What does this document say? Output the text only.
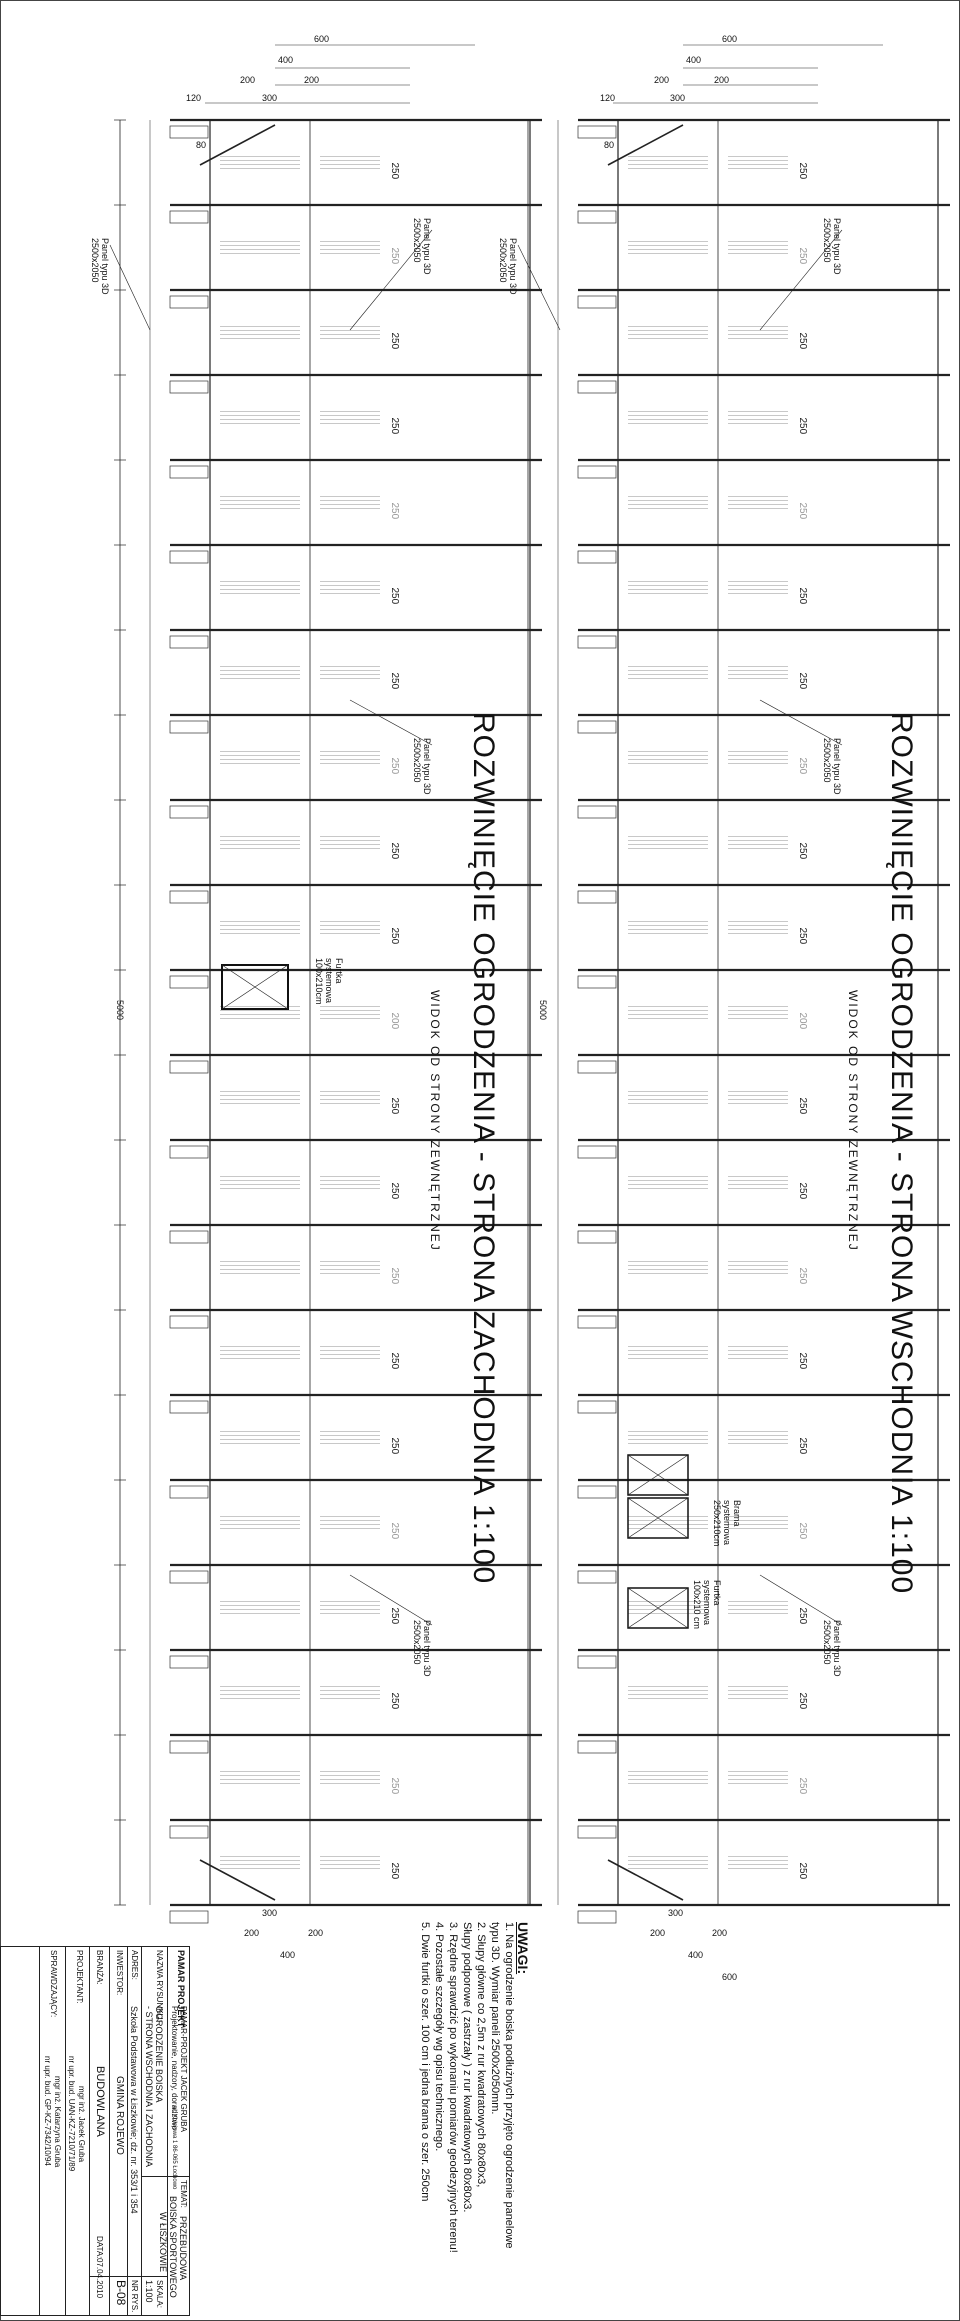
250
250
250
250
250
250
250
250
250
250
200
250
250
250
250
250
250
250
250
250
250
250
250
250
250
250
250
250
250
250
250
200
250
250
250
250
250
250
250
250
250
250
ROZWINIĘCIE OGRODZENIA - STRONA WSCHODNIA 1:100
WIDOK OD STRONY ZEWNĘTRZNEJ
ROZWINIĘCIE OGRODZENIA - STRONA ZACHODNIA 1:100
WIDOK OD STRONY ZEWNĘTRZNEJ
Brama
systemowa
250x210cm
Furtka
systemowa
100x210 cm
Furtka
systemowa
100x210cm
Panel typu 3D
2500x2050
Panel typu 3D
2500x2050
Panel typu 3D
2500x2050
Panel typu 3D
2500x2050
Panel typu 3D
2500x2050
Panel typu 3D
2500x2050
Panel typu 3D
2500x2050
Panel typu 3D
2500x2050
5000	5000
600
400
200	200
120	300
80
600
400
200	200
120	300
80
300
200	200
400
600
300
200	200
400	UWAGI:
1. Na ogrodzenie boiska podłużnych przyjęto ogrodzenie panelowe
typu 3D. Wymiar paneli 2500x2050mm.
2. Słupy główne co 2,5m z rur kwadratowych 80x80x3,
Słupy podporowe ( zastrzały ) z rur kwadratowych 80x80x3.
3. Rzędne sprawdzić po wykonaniu pomiarów geodezyjnych terenu!
4. Pozostałe szczegóły wg opisu technicznego.
5. Dwie furtki o szer. 100 cm i jedna brama o szer. 250cm
PAMAR PROJEKT
PAMAR-PROJEKT JACEK GRUBA
Projektowanie, nadzory, doradztwo
ul. Kolejowa 1 86-065 Łochowo
TEMAT:
PRZEBUDOWA
BOISKA SPORTOWEGO
W ŁISZKOWIE
NAZWA RYSUNKU:
OGRODZENIE BOISKA
- STRONA WSCHODNIA I ZACHODNIA
SKALA:
1:100
ADRES:
Szkoła Podstawowa w Łiszkowie; dz. nr. 353/1 i 354
NR RYS.
B-08
INWESTOR:
GMINA ROJEWO
BRANŻA:
BUDOWLANA
DATA:
07.04.2010
PROJEKTANT:
mgr inż. Jacek Gruba
nr upr. bud. UAN-KZ-7210/71/89
SPRAWDZAJĄCY:
mgr inż. Katarzyna Gruba
nr upr. bud. GP-KZ-7342/10/94
